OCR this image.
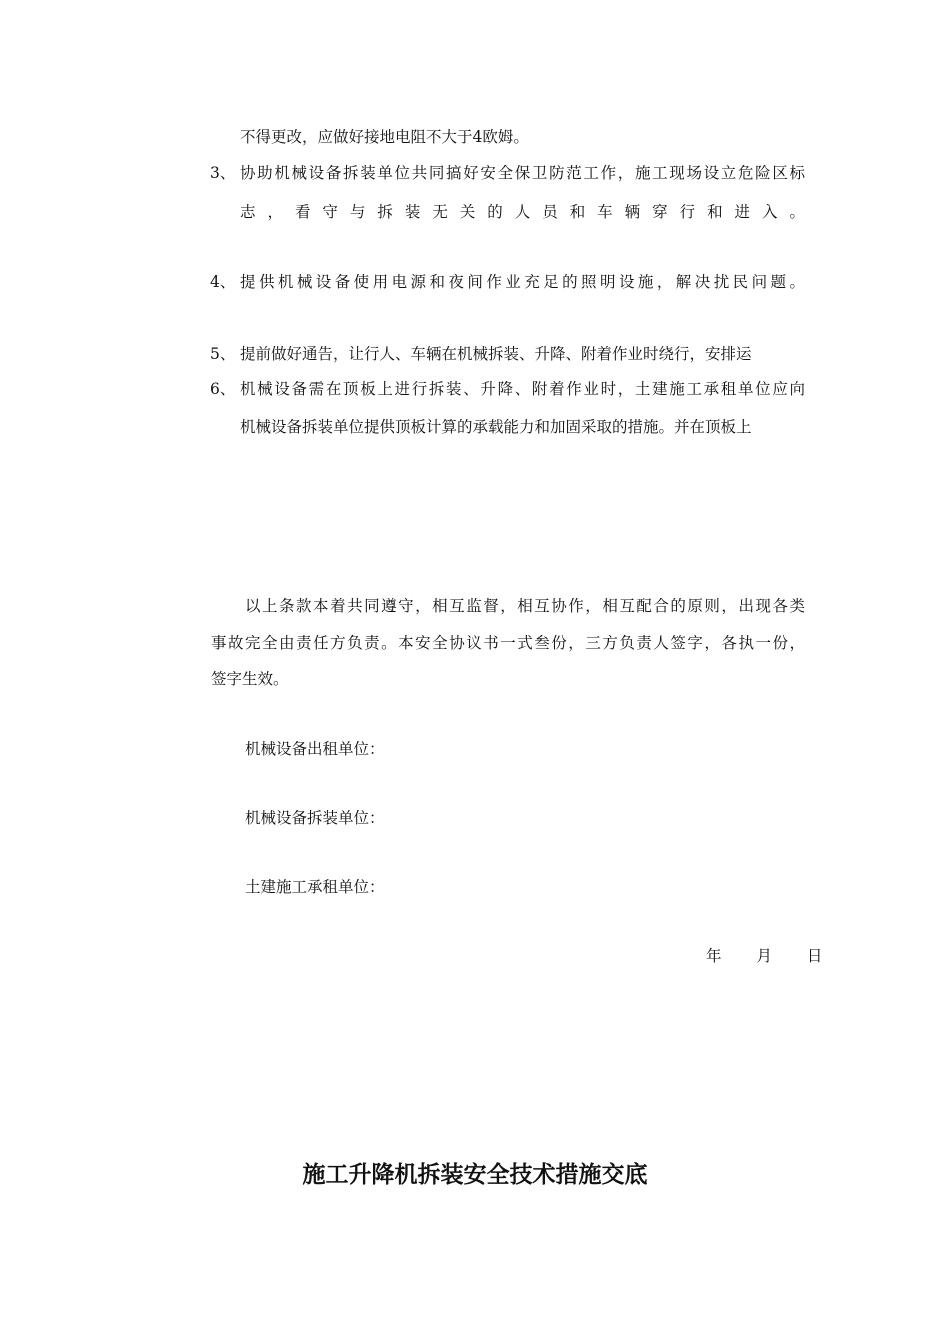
不得更改，应做好接地电阻不大于4欧姆。
3、 协助机械设备拆装单位共同搞好安全保卫防范工作，施工现场设立危险区标
志，看守与拆装无关的人员和车辆穿行和进入。
4、 提供机械设备使用电源和夜间作业充足的照明设施，解决扰民问题。
5、 提前做好通告，让行人、车辆在机械拆装、升降、附着作业时绕行，安排运
6、 机械设备需在顶板上进行拆装、升降、附着作业时，土建施工承租单位应向
机械设备拆装单位提供顶板计算的承载能力和加固采取的措施。并在顶板上
以上条款本着共同遵守，相互监督，相互协作，相互配合的原则，出现各类
事故完全由责任方负责。本安全协议书一式叁份，三方负责人签字，各执一份，
签字生效。
机械设备出租单位：
机械设备拆装单位：
土建施工承租单位：
年 月 日
施工升降机拆装安全技术措施交底
